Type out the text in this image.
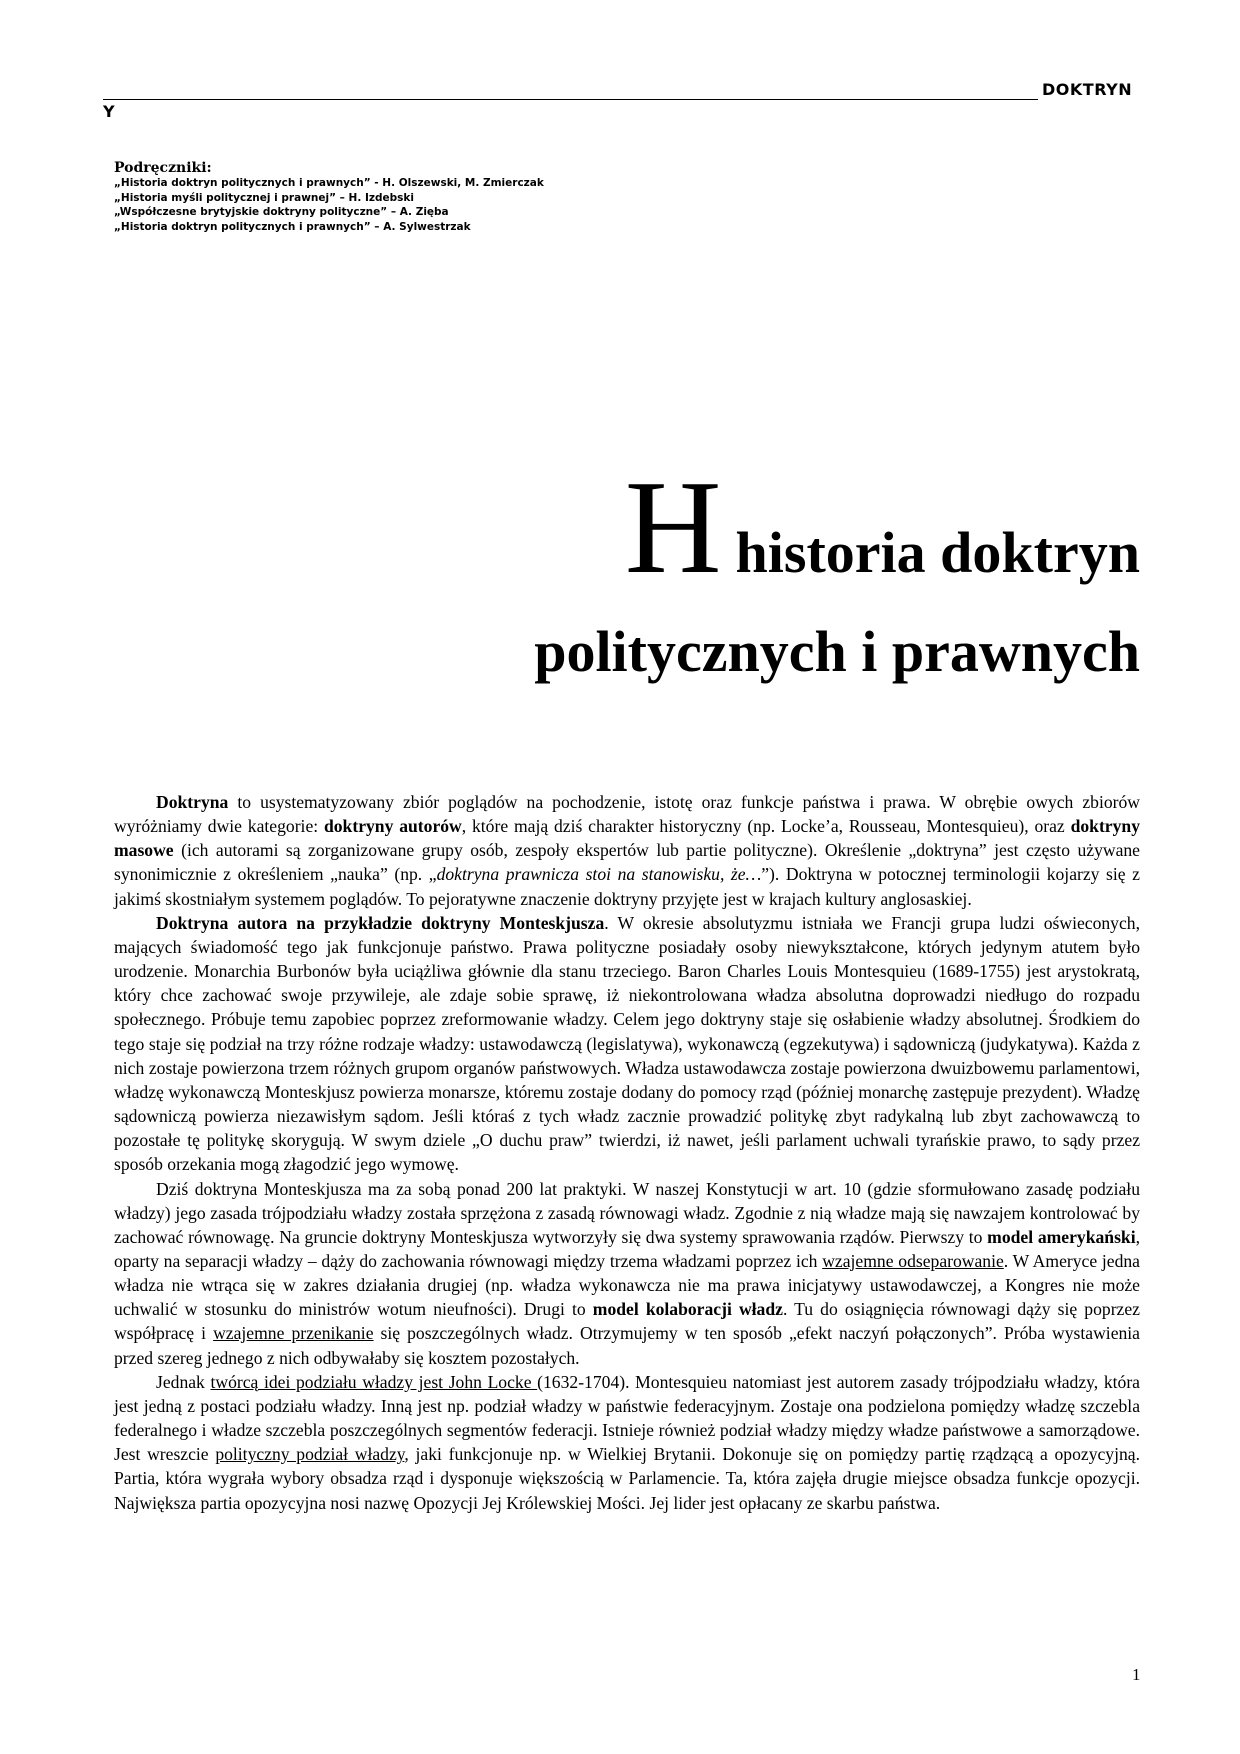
DOKTRYN
Y
Podręczniki:
„Historia doktryn politycznych i prawnych” - H. Olszewski, M. Zmierczak
„Historia myśli politycznej i prawnej” – H. Izdebski
„Współczesne brytyjskie doktryny polityczne” – A. Zięba
„Historia doktryn politycznych i prawnych” – A. Sylwestrzak
Hhistoria doktryn
politycznych i prawnych

Doktryna to usystematyzowany zbiór poglądów na pochodzenie, istotę oraz funkcje państwa i prawa. W obrębie owych zbiorów wyróżniamy dwie kategorie: doktryny autorów, które mają dziś charakter historyczny (np. Locke’a, Rousseau, Montesquieu), oraz doktryny masowe (ich autorami są zorganizowane grupy osób, zespoły ekspertów lub partie polityczne). Określenie „doktryna” jest często używane synonimicznie z określeniem „nauka” (np. „doktryna prawnicza stoi na stanowisku, że…”). Doktryna w potocznej terminologii kojarzy się z jakimś skostniałym systemem poglądów. To pejoratywne znaczenie doktryny przyjęte jest w krajach kultury anglosaskiej.

Doktryna autora na przykładzie doktryny Monteskjusza. W okresie absolutyzmu istniała we Francji grupa ludzi oświeconych, mających świadomość tego jak funkcjonuje państwo. Prawa polityczne posiadały osoby niewykształcone, których jedynym atutem było urodzenie. Monarchia Burbonów była uciążliwa głównie dla stanu trzeciego. Baron Charles Louis Montesquieu (1689-1755) jest arystokratą, który chce zachować swoje przywileje, ale zdaje sobie sprawę, iż niekontrolowana władza absolutna doprowadzi niedługo do rozpadu społecznego. Próbuje temu zapobiec poprzez zreformowanie władzy. Celem jego doktryny staje się osłabienie władzy absolutnej. Środkiem do tego staje się podział na trzy różne rodzaje władzy: ustawodawczą (legislatywa), wykonawczą (egzekutywa) i sądowniczą (judykatywa). Każda z nich zostaje powierzona trzem różnych grupom organów państwowych. Władza ustawodawcza zostaje powierzona dwuizbowemu parlamentowi, władzę wykonawczą Monteskjusz powierza monarsze, któremu zostaje dodany do pomocy rząd (później monarchę zastępuje prezydent). Władzę sądowniczą powierza niezawisłym sądom. Jeśli któraś z tych władz zacznie prowadzić politykę zbyt radykalną lub zbyt zachowawczą to pozostałe tę politykę skorygują. W swym dziele „O duchu praw” twierdzi, iż nawet, jeśli parlament uchwali tyrańskie prawo, to sądy przez sposób orzekania mogą złagodzić jego wymowę.

Dziś doktryna Monteskjusza ma za sobą ponad 200 lat praktyki. W naszej Konstytucji w art. 10 (gdzie sformułowano zasadę podziału władzy) jego zasada trójpodziału władzy została sprzężona z zasadą równowagi władz. Zgodnie z nią władze mają się nawzajem kontrolować by zachować równowagę. Na gruncie doktryny Monteskjusza wytworzyły się dwa systemy sprawowania rządów. Pierwszy to model amerykański, oparty na separacji władzy – dąży do zachowania równowagi między trzema władzami poprzez ich wzajemne odseparowanie. W Ameryce jedna władza nie wtrąca się w zakres działania drugiej (np. władza wykonawcza nie ma prawa inicjatywy ustawodawczej, a Kongres nie może uchwalić w stosunku do ministrów wotum nieufności). Drugi to model kolaboracji władz. Tu do osiągnięcia równowagi dąży się poprzez współpracę i wzajemne przenikanie się poszczególnych władz. Otrzymujemy w ten sposób „efekt naczyń połączonych”. Próba wystawienia przed szereg jednego z nich odbywałaby się kosztem pozostałych.

Jednak twórcą idei podziału władzy jest John Locke (1632-1704). Montesquieu natomiast jest autorem zasady trójpodziału władzy, która jest jedną z postaci podziału władzy. Inną jest np. podział władzy w państwie federacyjnym. Zostaje ona podzielona pomiędzy władzę szczebla federalnego i władze szczebla poszczególnych segmentów federacji. Istnieje również podział władzy między władze państwowe a samorządowe. Jest wreszcie polityczny podział władzy, jaki funkcjonuje np. w Wielkiej Brytanii. Dokonuje się on pomiędzy partię rządzącą a opozycyjną. Partia, która wygrała wybory obsadza rząd i dysponuje większością w Parlamencie. Ta, która zajęła drugie miejsce obsadza funkcje opozycji. Największa partia opozycyjna nosi nazwę Opozycji Jej Królewskiej Mości. Jej lider jest opłacany ze skarbu państwa.

1
